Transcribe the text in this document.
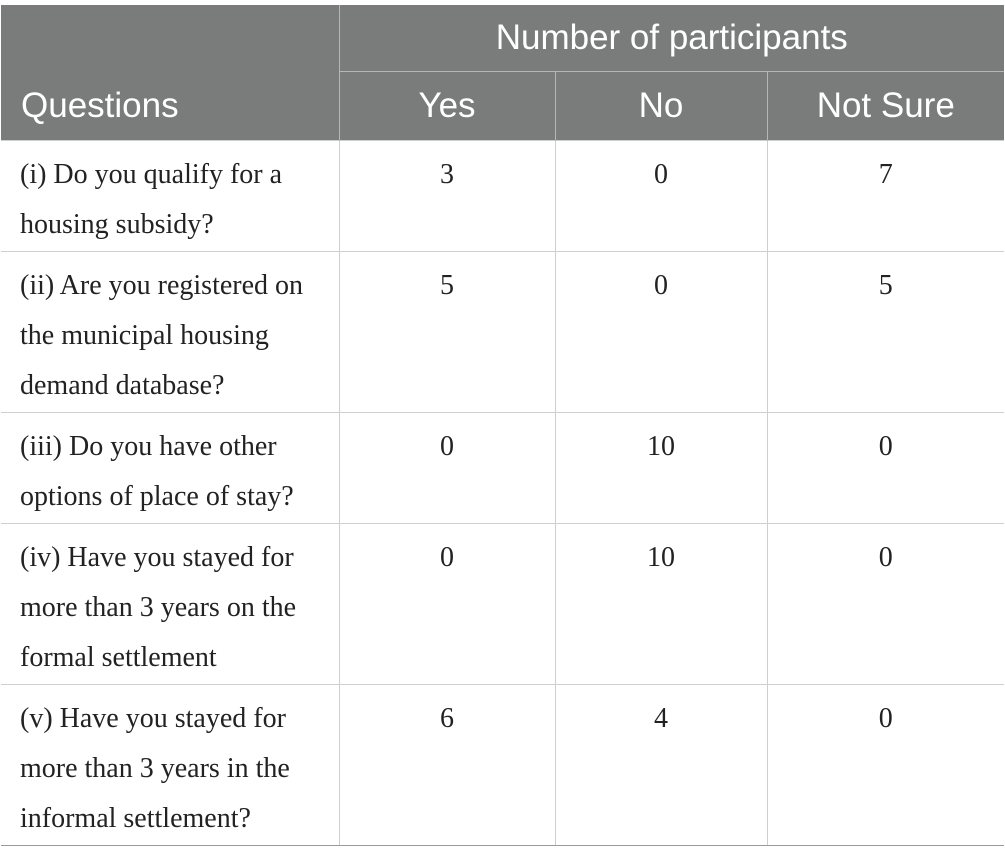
Questions	Number of participants		
	Yes	No	Not Sure
(i) Do you qualify for a housing subsidy?	3	0	7
(ii) Are you registered on the municipal housing demand database?	5	0	5
(iii) Do you have other options of place of stay?	0	10	0
(iv) Have you stayed for more than 3 years on the formal settlement	0	10	0
(v) Have you stayed for more than 3 years in the informal settlement?	6	4	0
